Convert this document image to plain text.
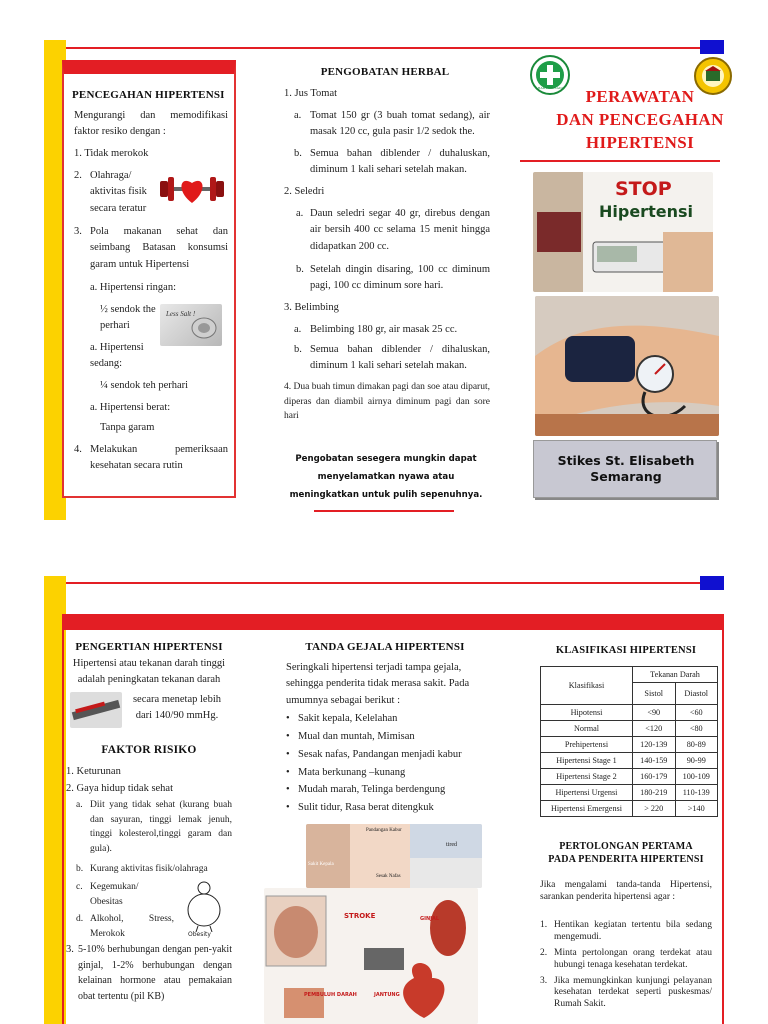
PENCEGAHAN HIPERTENSI
Mengurangi dan memodifikasi faktor resiko dengan :
1. Tidak merokok
2. Olahraga/ aktivitas fisik secara teratur
3. Pola makanan sehat dan seimbang Batasan konsumsi garam untuk Hipertensi
a. Hipertensi ringan:
½ sendok the perhari
Less Salt !
a. Hipertensi sedang:
¼ sendok teh perhari
a. Hipertensi berat:
Tanpa garam
4. Melakukan pemeriksaan kesehatan secara rutin
PENGOBATAN HERBAL
1. Jus Tomat
a. Tomat 150 gr (3 buah tomat sedang), air masak 120 cc, gula pasir 1/2 sedok the.
b. Semua bahan diblender / duhaluskan, diminum 1 kali sehari setelah makan.
2. Seledri
a. Daun seledri segar 40 gr, direbus dengan air bersih 400 cc selama 15 menit hingga didapatkan 200 cc.
b. Setelah dingin disaring, 100 cc diminum pagi, 100 cc diminum sore hari.
3. Belimbing
a. Belimbing 180 gr, air masak 25 cc.
b. Semua bahan diblender / dihaluskan, diminum 1 kali sehari setelah makan.
4. Dua buah timun dimakan pagi dan soe atau diparut, diperas dan diambil airnya diminum pagi dan sore hari
Pengobatan sesegera mungkin dapat menyelamatkan nyawa atau meningkatkan untuk pulih sepenuhnya.
BAKTI HUSADA	PERAWATAN
DAN PENCEGAHAN
HIPERTENSI
STOP
Hipertensi
Stikes St. Elisabeth
Semarang
PENGERTIAN HIPERTENSI
Hipertensi atau tekanan darah tinggi adalah peningkatan tekanan darah
secara menetap lebih dari 140/90 mmHg.
FAKTOR RISIKO
1. Keturunan
2. Gaya hidup tidak sehat
a. Diit yang tidak sehat (kurang buah dan sayuran, tinggi lemak jenuh, tinggi kolesterol,tinggi garam dan gula).
b. Kurang aktivitas fisik/olahraga
c. Kegemukan/ Obesitas
d. Alkohol, Stress, Merokok	Obesity
3. 5-10% berhubungan dengan pen-yakit ginjal, 1-2% berhubungan dengan kelainan hormone atau pemakaian obat tertentu (pil KB)
TANDA GEJALA HIPERTENSI
Seringkali hipertensi terjadi tampa gejala, sehingga penderita tidak merasa sakit. Pada umumnya sebagai berikut :
• Sakit kepala, Kelelahan
• Mual dan muntah, Mimisan
• Sesak nafas, Pandangan menjadi kabur
• Mata berkunang –kunang
• Mudah marah, Telinga berdengung
• Sulit tidur, Rasa berat ditengkuk
Sakit Kepala
Pandangan Kabur
tired
Sesak Nafas
STROKE	GINJAL
PEMBULUH DARAH	JANTUNG
KLASIFIKASI HIPERTENSI
Klasifikasi	Tekanan Darah	
	Sistol	Diastol
Hipotensi	<90	<60
Normal	<120	<80
Prehipertensi	120-139	80-89
Hipertensi Stage 1	140-159	90-99
Hipertensi Stage 2	160-179	100-109
Hipertensi Urgensi	180-219	110-139
Hipertensi Emergensi	> 220	>140
PERTOLONGAN PERTAMA
PADA PENDERITA HIPERTENSI
Jika mengalami tanda-tanda Hipertensi, sarankan penderita hipertensi agar :
1. Hentikan kegiatan tertentu bila sedang mengemudi.
2. Minta pertolongan orang terdekat atau hubungi tenaga kesehatan terdekat.
3. Jika memungkinkan kunjungi pelayanan kesehatan terdekat seperti puskesmas/ Rumah Sakit.
